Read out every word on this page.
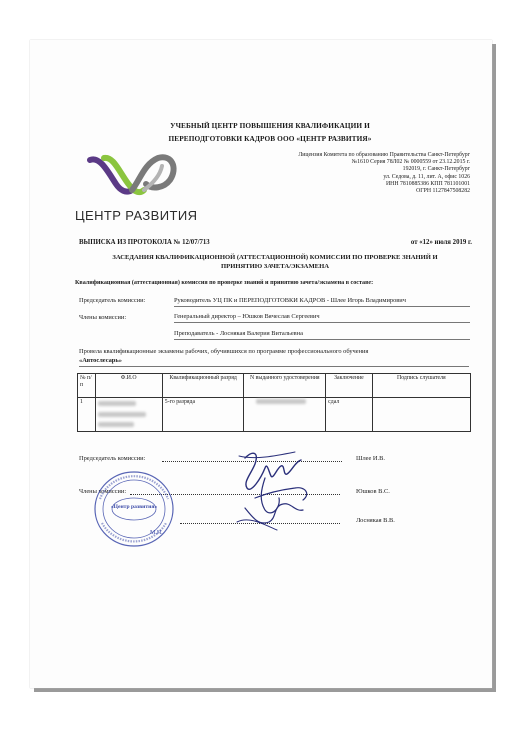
УЧЕБНЫЙ ЦЕНТР ПОВЫШЕНИЯ КВАЛИФИКАЦИИ И
ПЕРЕПОДГОТОВКИ КАДРОВ ООО «ЦЕНТР РАЗВИТИЯ»
ЦЕНТР РАЗВИТИЯ
Лицензия Комитета по образованию Правительства Санкт-Петербург
№1610 Серия 78Л02 № 0000559 от 23.12.2015 г.
192019, г. Санкт-Петербург
ул. Седова, д. 11, лит. А, офис 1026
ИНН 7810885386 КПП 781101001
ОГРН 1127847508282
ВЫПИСКА ИЗ ПРОТОКОЛА № 12/07/713	от «12» июля 2019 г.
ЗАСЕДАНИЯ КВАЛИФИКАЦИОННОЙ (АТТЕСТАЦИОННОЙ) КОМИССИИ ПО ПРОВЕРКЕ ЗНАНИЙ И
ПРИНЯТИЮ ЗАЧЕТА/ЭКЗАМЕНА
Квалификационная (аттестационная) комиссия по проверке знаний и принятию зачета/экзамена в составе:
Председатель комиссии:	Руководитель УЦ ПК и ПЕРЕПОДГОТОВКИ КАДРОВ - Шлее Игорь Владимирович
Члены комиссии:	Генеральный директор – Юшков Вячеслав Сергеевич
Преподаватель - Лоснякая Валерия Витальевна
Провела квалификационные экзамены рабочих, обучившихся по программе профессионального обучения
«Автослесарь»
№ п/п	Ф.И.О	Квалификационный разряд	N выданного удостоверения	Заключение	Подпись слушателя
1		5-го разряда		сдал	
Председатель комиссии:	Шлее И.В.
Члены комиссии:	Юшков В.С.
Лоснякая В.В.
«Центр развития»
М.П.
